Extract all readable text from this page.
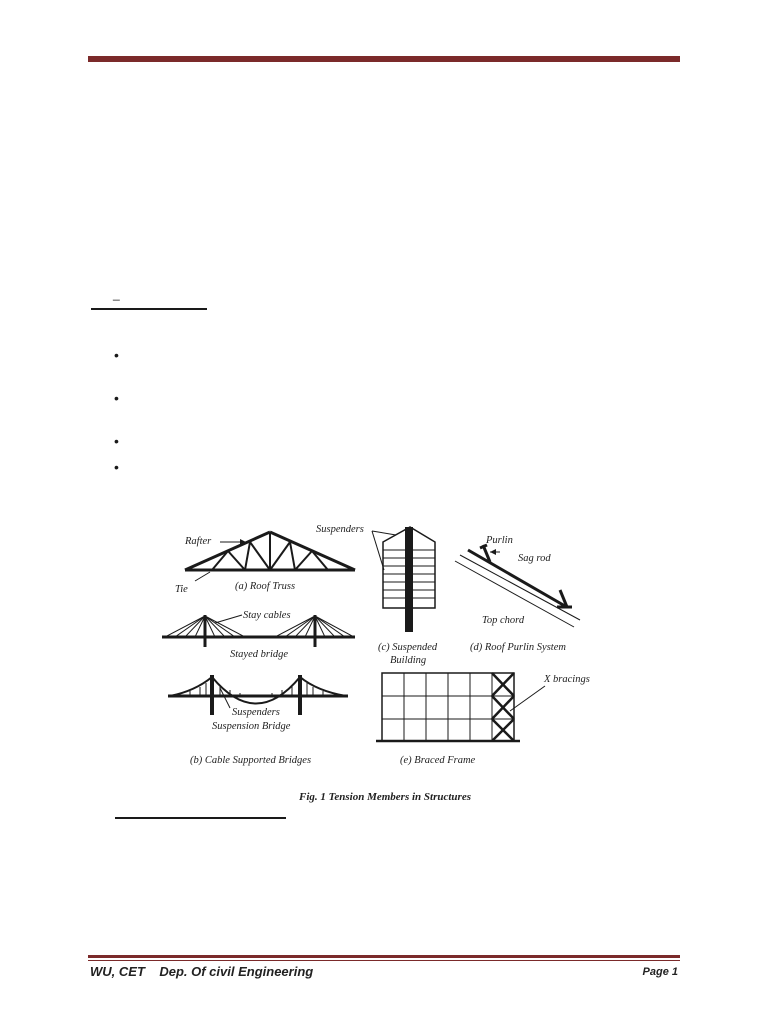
_
•
•
•
•
Rafter
Tie	(a) Roof Truss
Suspenders
(c) Suspended
Building
Purlin
Sag rod
Top chord
(d) Roof Purlin System
Stay cables
Stayed bridge
Suspenders
Suspension Bridge
(b) Cable Supported Bridges
X bracings
(e) Braced Frame
Fig. 1 Tension Members in Structures
WU, CET Dep. Of civil Engineering	Page 1
